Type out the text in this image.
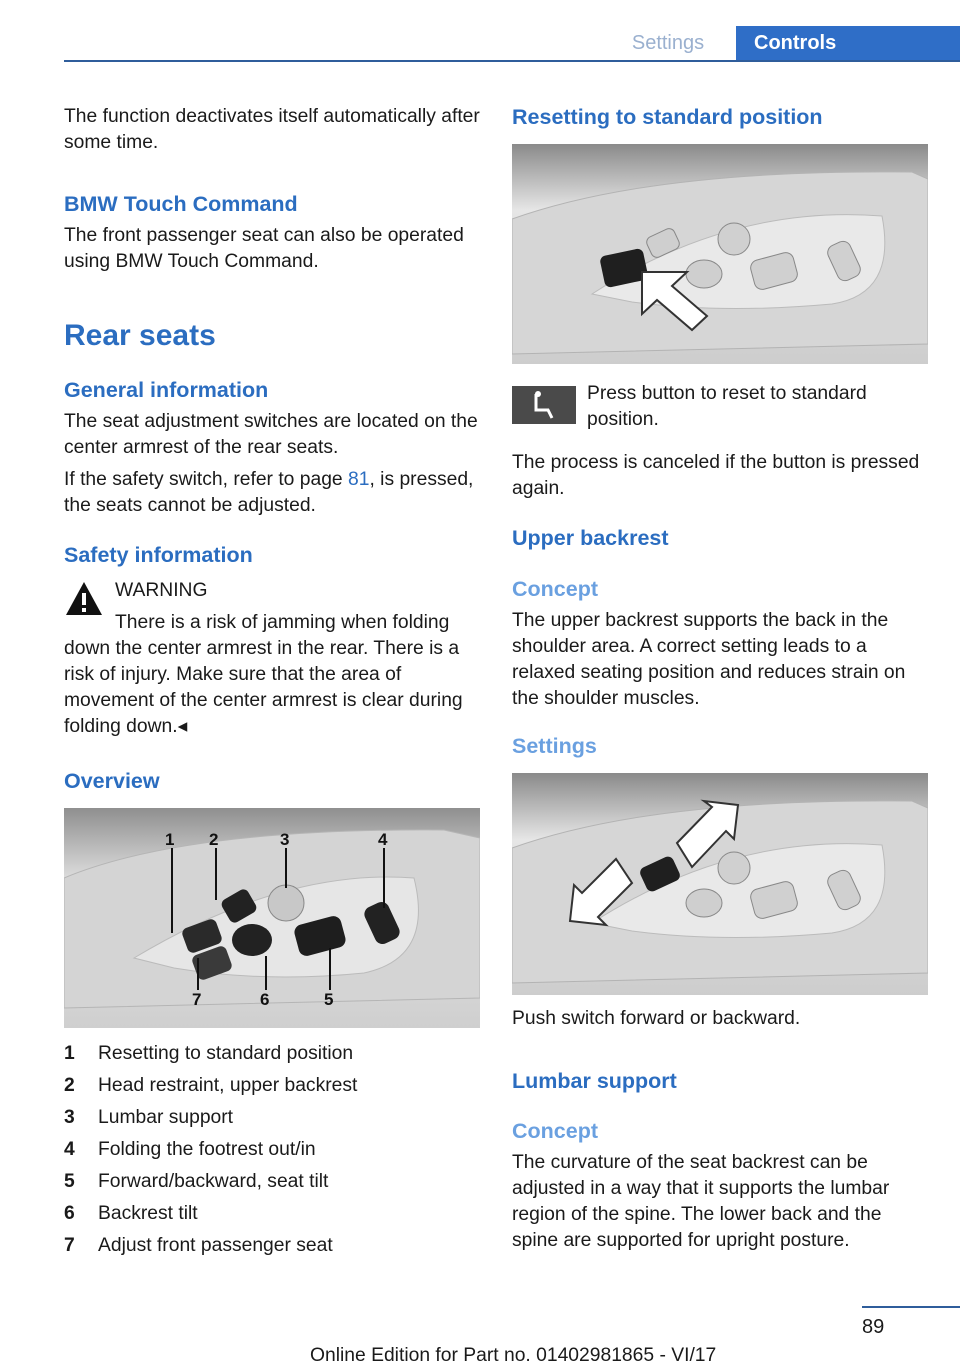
Settings	Controls

The function deactivates itself automatically after some time.

BMW Touch Command

The front passenger seat can also be operated using BMW Touch Command.

Rear seats
General information

The seat adjustment switches are located on the center armrest of the rear seats.

If the safety switch, refer to page 81, is pressed, the seats cannot be adjusted.

Safety information
WARNING
There is a risk of jamming when folding

down the center armrest in the rear. There is a risk of injury. Make sure that the area of movement of the center armrest is clear during folding down.◂

Overview
1 2	3	4
7	6	5
1 Resetting to standard position
2 Head restraint, upper backrest
3 Lumbar support
4 Folding the footrest out/in
5 Forward/backward, seat tilt
6 Backrest tilt
7 Adjust front passenger seat
Resetting to standard position

Press button to reset to standard position.

The process is canceled if the button is pressed again.

Upper backrest
Concept

The upper backrest supports the back in the shoulder area. A correct setting leads to a relaxed seating position and reduces strain on the shoulder muscles.

Settings

Push switch forward or backward.

Lumbar support
Concept

The curvature of the seat backrest can be adjusted in a way that it supports the lumbar region of the spine. The lower back and the spine are supported for upright posture.

89
Online Edition for Part no. 01402981865 - VI/17
